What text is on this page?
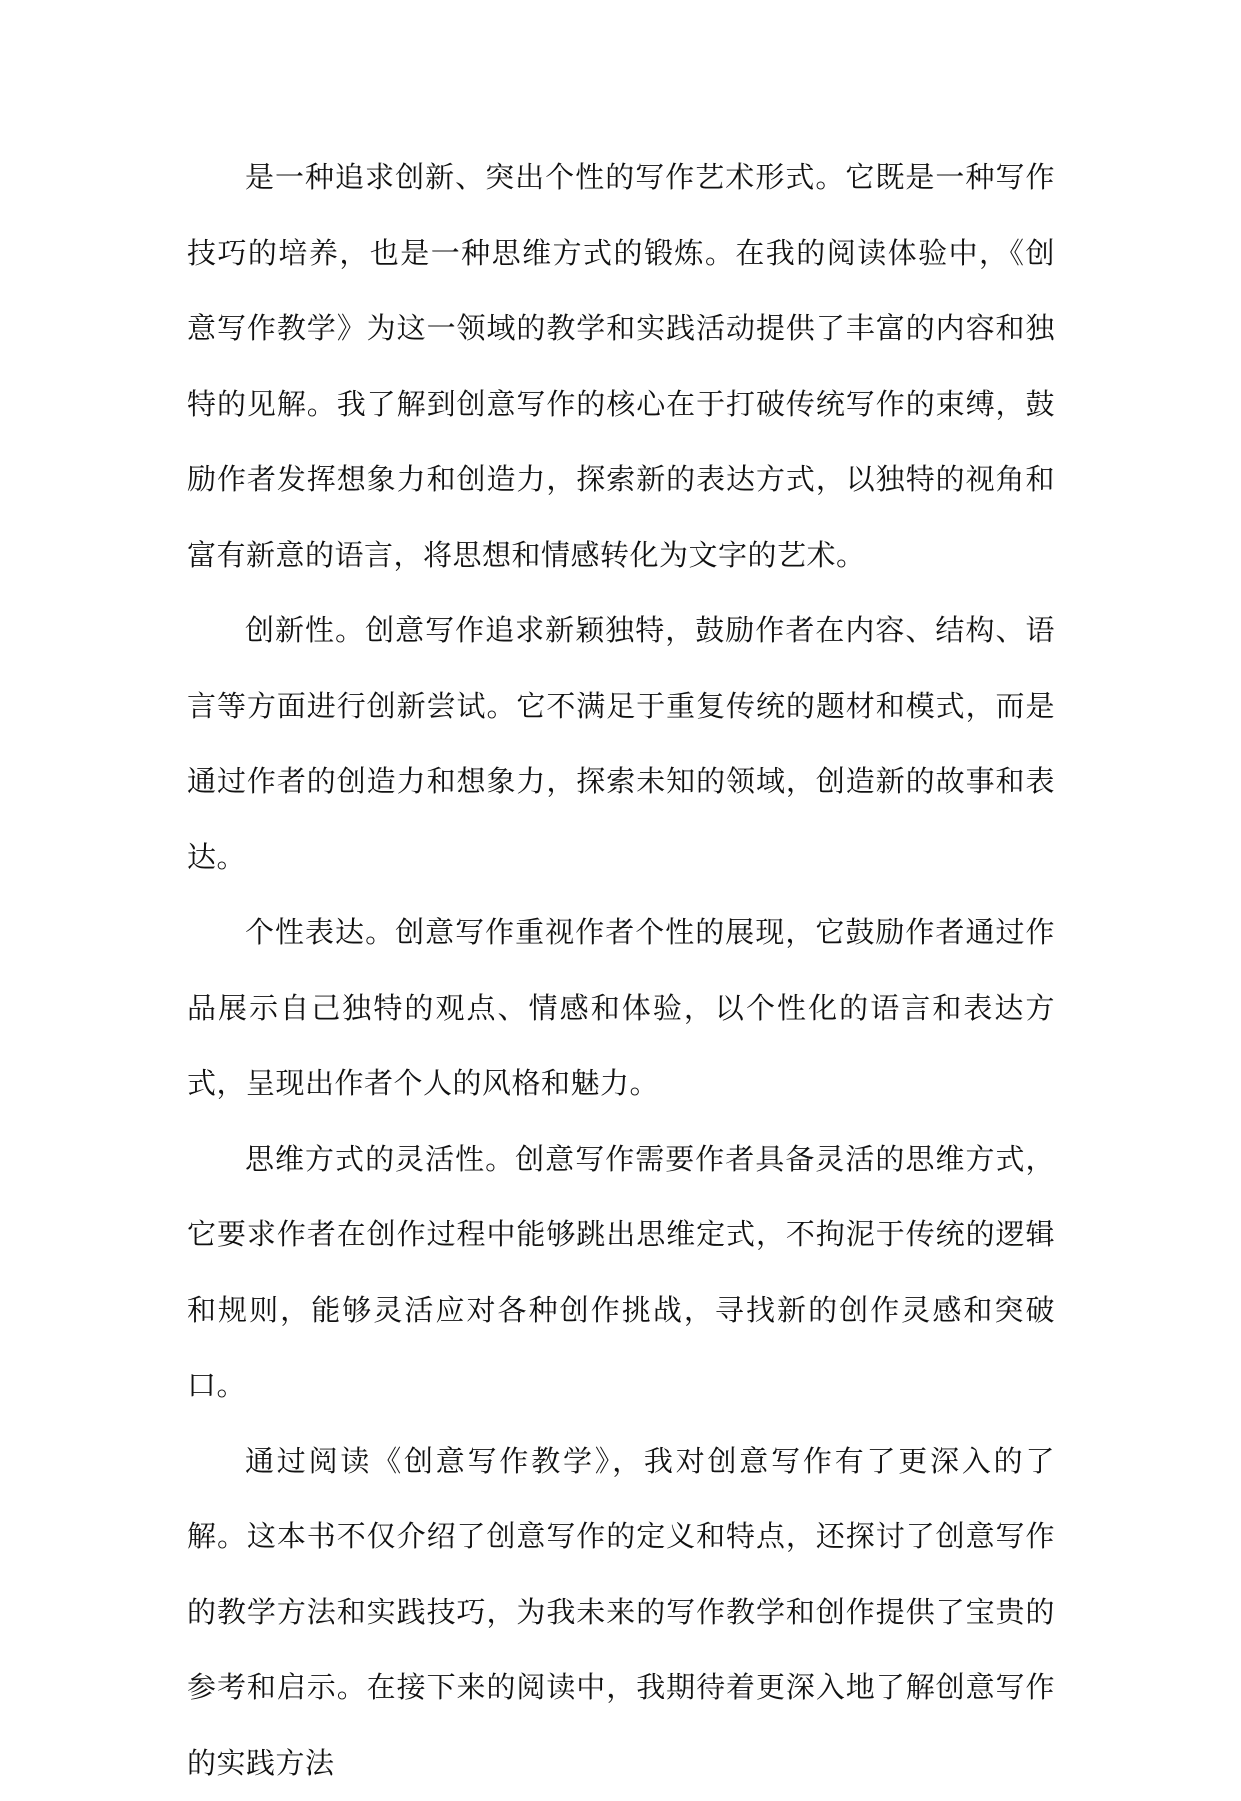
是一种追求创新、突出个性的写作艺术形式。它既是一种写作技巧的培养，也是一种思维方式的锻炼。在我的阅读体验中，《创意写作教学》为这一领域的教学和实践活动提供了丰富的内容和独特的见解。我了解到创意写作的核心在于打破传统写作的束缚，鼓励作者发挥想象力和创造力，探索新的表达方式，以独特的视角和富有新意的语言，将思想和情感转化为文字的艺术。

创新性。创意写作追求新颖独特，鼓励作者在内容、结构、语言等方面进行创新尝试。它不满足于重复传统的题材和模式，而是通过作者的创造力和想象力，探索未知的领域，创造新的故事和表达。

个性表达。创意写作重视作者个性的展现，它鼓励作者通过作品展示自己独特的观点、情感和体验，以个性化的语言和表达方式，呈现出作者个人的风格和魅力。

思维方式的灵活性。创意写作需要作者具备灵活的思维方式，它要求作者在创作过程中能够跳出思维定式，不拘泥于传统的逻辑和规则，能够灵活应对各种创作挑战，寻找新的创作灵感和突破口。

通过阅读《创意写作教学》，我对创意写作有了更深入的了解。这本书不仅介绍了创意写作的定义和特点，还探讨了创意写作的教学方法和实践技巧，为我未来的写作教学和创作提供了宝贵的参考和启示。在接下来的阅读中，我期待着更深入地了解创意写作的实践方法
